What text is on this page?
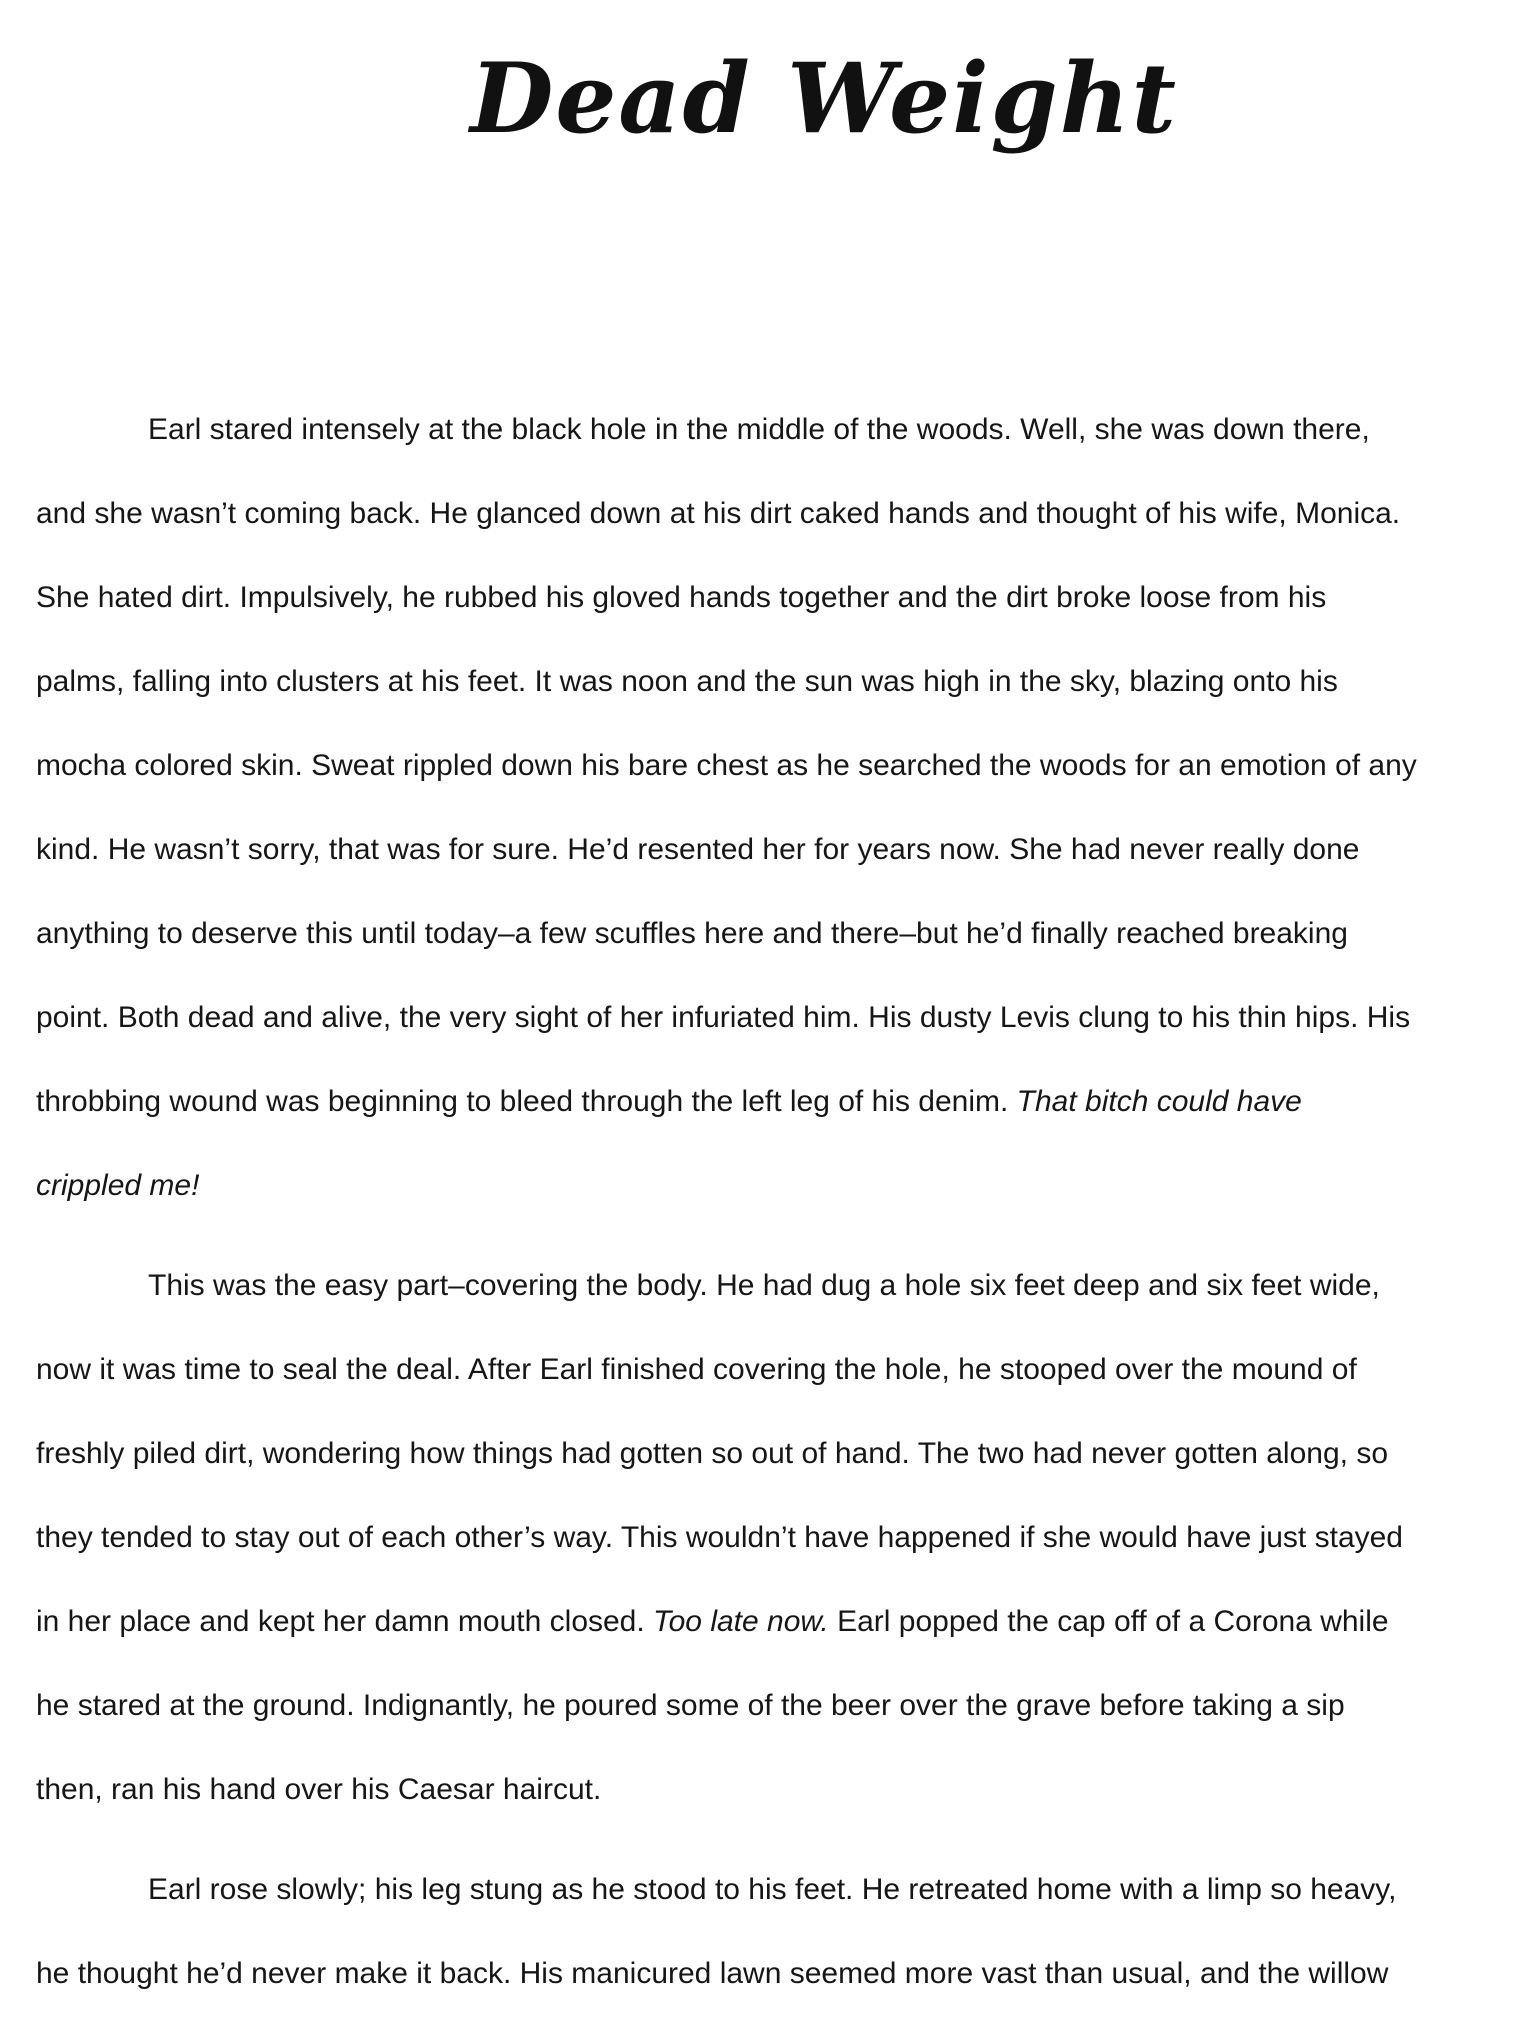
Dead Weight
Earl stared intensely at the black hole in the middle of the woods. Well, she was down there,
and she wasn’t coming back. He glanced down at his dirt caked hands and thought of his wife, Monica.
She hated dirt. Impulsively, he rubbed his gloved hands together and the dirt broke loose from his
palms, falling into clusters at his feet. It was noon and the sun was high in the sky, blazing onto his
mocha colored skin. Sweat rippled down his bare chest as he searched the woods for an emotion of any
kind. He wasn’t sorry, that was for sure. He’d resented her for years now. She had never really done
anything to deserve this until today–a few scuffles here and there–but he’d finally reached breaking
point. Both dead and alive, the very sight of her infuriated him. His dusty Levis clung to his thin hips. His
throbbing wound was beginning to bleed through the left leg of his denim. That bitch could have
crippled me!
This was the easy part–covering the body. He had dug a hole six feet deep and six feet wide,
now it was time to seal the deal. After Earl finished covering the hole, he stooped over the mound of
freshly piled dirt, wondering how things had gotten so out of hand. The two had never gotten along, so
they tended to stay out of each other’s way. This wouldn’t have happened if she would have just stayed
in her place and kept her damn mouth closed. Too late now. Earl popped the cap off of a Corona while
he stared at the ground. Indignantly, he poured some of the beer over the grave before taking a sip
then, ran his hand over his Caesar haircut.
Earl rose slowly; his leg stung as he stood to his feet. He retreated home with a limp so heavy,
he thought he’d never make it back. His manicured lawn seemed more vast than usual, and the willow
